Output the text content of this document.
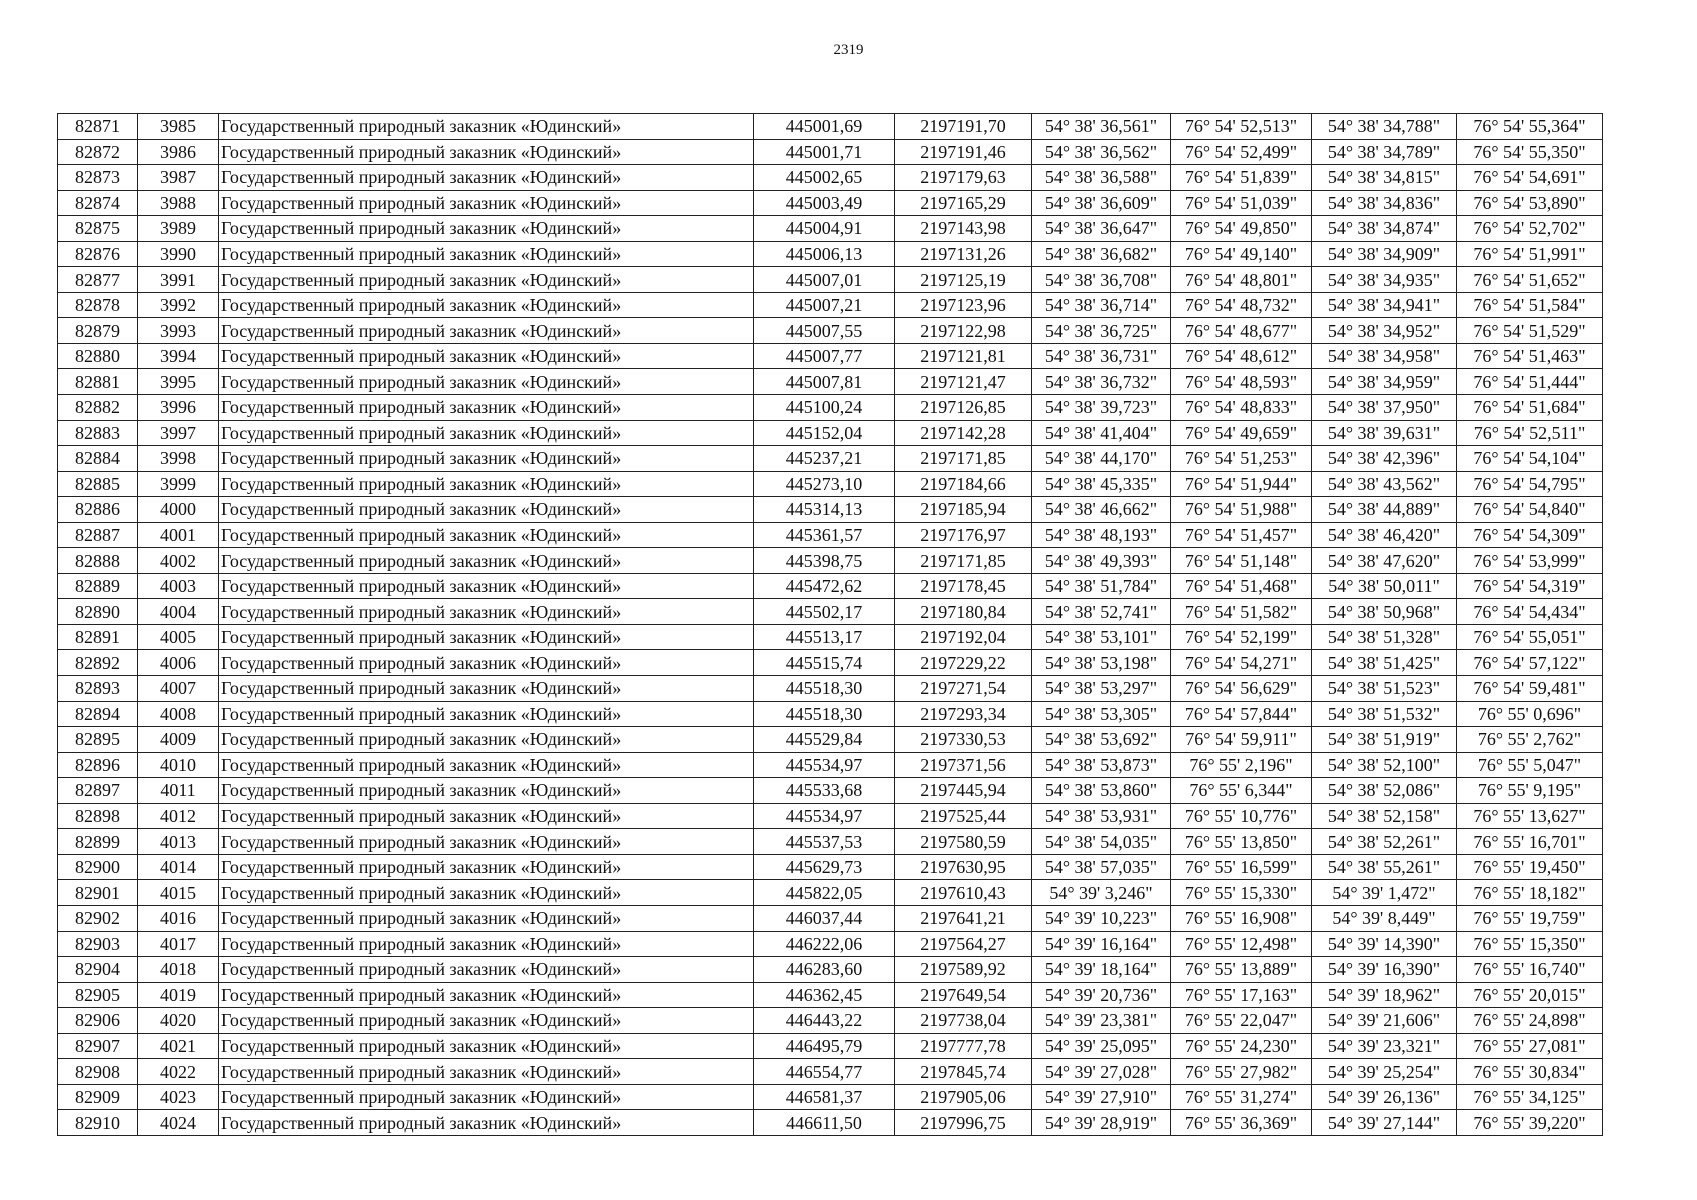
2319
82871	3985	Государственный природный заказник «Юдинский»	445001,69	2197191,70	54° 38' 36,561"	76° 54' 52,513"	54° 38' 34,788"	76° 54' 55,364"
82872	3986	Государственный природный заказник «Юдинский»	445001,71	2197191,46	54° 38' 36,562"	76° 54' 52,499"	54° 38' 34,789"	76° 54' 55,350"
82873	3987	Государственный природный заказник «Юдинский»	445002,65	2197179,63	54° 38' 36,588"	76° 54' 51,839"	54° 38' 34,815"	76° 54' 54,691"
82874	3988	Государственный природный заказник «Юдинский»	445003,49	2197165,29	54° 38' 36,609"	76° 54' 51,039"	54° 38' 34,836"	76° 54' 53,890"
82875	3989	Государственный природный заказник «Юдинский»	445004,91	2197143,98	54° 38' 36,647"	76° 54' 49,850"	54° 38' 34,874"	76° 54' 52,702"
82876	3990	Государственный природный заказник «Юдинский»	445006,13	2197131,26	54° 38' 36,682"	76° 54' 49,140"	54° 38' 34,909"	76° 54' 51,991"
82877	3991	Государственный природный заказник «Юдинский»	445007,01	2197125,19	54° 38' 36,708"	76° 54' 48,801"	54° 38' 34,935"	76° 54' 51,652"
82878	3992	Государственный природный заказник «Юдинский»	445007,21	2197123,96	54° 38' 36,714"	76° 54' 48,732"	54° 38' 34,941"	76° 54' 51,584"
82879	3993	Государственный природный заказник «Юдинский»	445007,55	2197122,98	54° 38' 36,725"	76° 54' 48,677"	54° 38' 34,952"	76° 54' 51,529"
82880	3994	Государственный природный заказник «Юдинский»	445007,77	2197121,81	54° 38' 36,731"	76° 54' 48,612"	54° 38' 34,958"	76° 54' 51,463"
82881	3995	Государственный природный заказник «Юдинский»	445007,81	2197121,47	54° 38' 36,732"	76° 54' 48,593"	54° 38' 34,959"	76° 54' 51,444"
82882	3996	Государственный природный заказник «Юдинский»	445100,24	2197126,85	54° 38' 39,723"	76° 54' 48,833"	54° 38' 37,950"	76° 54' 51,684"
82883	3997	Государственный природный заказник «Юдинский»	445152,04	2197142,28	54° 38' 41,404"	76° 54' 49,659"	54° 38' 39,631"	76° 54' 52,511"
82884	3998	Государственный природный заказник «Юдинский»	445237,21	2197171,85	54° 38' 44,170"	76° 54' 51,253"	54° 38' 42,396"	76° 54' 54,104"
82885	3999	Государственный природный заказник «Юдинский»	445273,10	2197184,66	54° 38' 45,335"	76° 54' 51,944"	54° 38' 43,562"	76° 54' 54,795"
82886	4000	Государственный природный заказник «Юдинский»	445314,13	2197185,94	54° 38' 46,662"	76° 54' 51,988"	54° 38' 44,889"	76° 54' 54,840"
82887	4001	Государственный природный заказник «Юдинский»	445361,57	2197176,97	54° 38' 48,193"	76° 54' 51,457"	54° 38' 46,420"	76° 54' 54,309"
82888	4002	Государственный природный заказник «Юдинский»	445398,75	2197171,85	54° 38' 49,393"	76° 54' 51,148"	54° 38' 47,620"	76° 54' 53,999"
82889	4003	Государственный природный заказник «Юдинский»	445472,62	2197178,45	54° 38' 51,784"	76° 54' 51,468"	54° 38' 50,011"	76° 54' 54,319"
82890	4004	Государственный природный заказник «Юдинский»	445502,17	2197180,84	54° 38' 52,741"	76° 54' 51,582"	54° 38' 50,968"	76° 54' 54,434"
82891	4005	Государственный природный заказник «Юдинский»	445513,17	2197192,04	54° 38' 53,101"	76° 54' 52,199"	54° 38' 51,328"	76° 54' 55,051"
82892	4006	Государственный природный заказник «Юдинский»	445515,74	2197229,22	54° 38' 53,198"	76° 54' 54,271"	54° 38' 51,425"	76° 54' 57,122"
82893	4007	Государственный природный заказник «Юдинский»	445518,30	2197271,54	54° 38' 53,297"	76° 54' 56,629"	54° 38' 51,523"	76° 54' 59,481"
82894	4008	Государственный природный заказник «Юдинский»	445518,30	2197293,34	54° 38' 53,305"	76° 54' 57,844"	54° 38' 51,532"	76° 55' 0,696"
82895	4009	Государственный природный заказник «Юдинский»	445529,84	2197330,53	54° 38' 53,692"	76° 54' 59,911"	54° 38' 51,919"	76° 55' 2,762"
82896	4010	Государственный природный заказник «Юдинский»	445534,97	2197371,56	54° 38' 53,873"	76° 55' 2,196"	54° 38' 52,100"	76° 55' 5,047"
82897	4011	Государственный природный заказник «Юдинский»	445533,68	2197445,94	54° 38' 53,860"	76° 55' 6,344"	54° 38' 52,086"	76° 55' 9,195"
82898	4012	Государственный природный заказник «Юдинский»	445534,97	2197525,44	54° 38' 53,931"	76° 55' 10,776"	54° 38' 52,158"	76° 55' 13,627"
82899	4013	Государственный природный заказник «Юдинский»	445537,53	2197580,59	54° 38' 54,035"	76° 55' 13,850"	54° 38' 52,261"	76° 55' 16,701"
82900	4014	Государственный природный заказник «Юдинский»	445629,73	2197630,95	54° 38' 57,035"	76° 55' 16,599"	54° 38' 55,261"	76° 55' 19,450"
82901	4015	Государственный природный заказник «Юдинский»	445822,05	2197610,43	54° 39' 3,246"	76° 55' 15,330"	54° 39' 1,472"	76° 55' 18,182"
82902	4016	Государственный природный заказник «Юдинский»	446037,44	2197641,21	54° 39' 10,223"	76° 55' 16,908"	54° 39' 8,449"	76° 55' 19,759"
82903	4017	Государственный природный заказник «Юдинский»	446222,06	2197564,27	54° 39' 16,164"	76° 55' 12,498"	54° 39' 14,390"	76° 55' 15,350"
82904	4018	Государственный природный заказник «Юдинский»	446283,60	2197589,92	54° 39' 18,164"	76° 55' 13,889"	54° 39' 16,390"	76° 55' 16,740"
82905	4019	Государственный природный заказник «Юдинский»	446362,45	2197649,54	54° 39' 20,736"	76° 55' 17,163"	54° 39' 18,962"	76° 55' 20,015"
82906	4020	Государственный природный заказник «Юдинский»	446443,22	2197738,04	54° 39' 23,381"	76° 55' 22,047"	54° 39' 21,606"	76° 55' 24,898"
82907	4021	Государственный природный заказник «Юдинский»	446495,79	2197777,78	54° 39' 25,095"	76° 55' 24,230"	54° 39' 23,321"	76° 55' 27,081"
82908	4022	Государственный природный заказник «Юдинский»	446554,77	2197845,74	54° 39' 27,028"	76° 55' 27,982"	54° 39' 25,254"	76° 55' 30,834"
82909	4023	Государственный природный заказник «Юдинский»	446581,37	2197905,06	54° 39' 27,910"	76° 55' 31,274"	54° 39' 26,136"	76° 55' 34,125"
82910	4024	Государственный природный заказник «Юдинский»	446611,50	2197996,75	54° 39' 28,919"	76° 55' 36,369"	54° 39' 27,144"	76° 55' 39,220"
